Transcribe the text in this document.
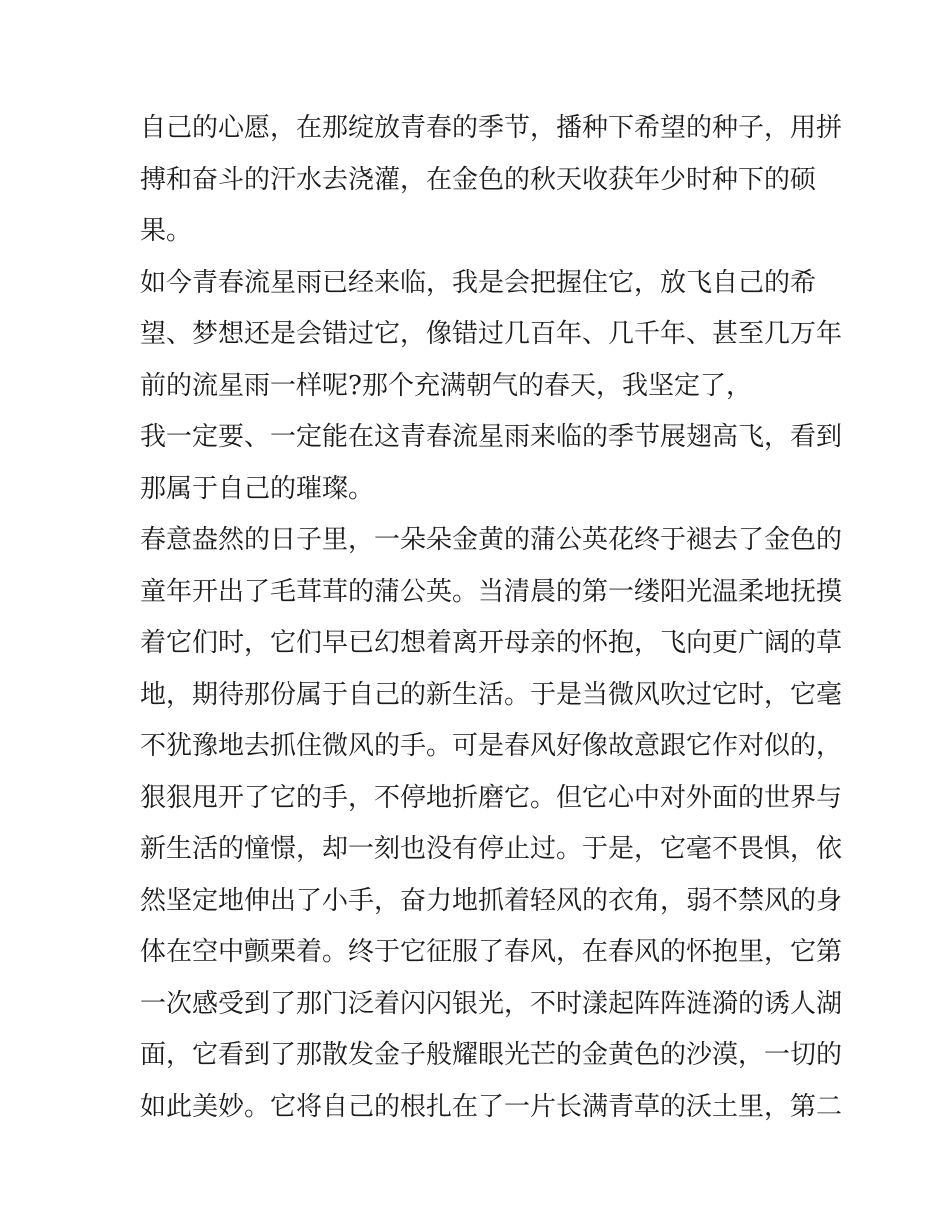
自己的心愿，在那绽放青春的季节，播种下希望的种子，用拼
搏和奋斗的汗水去浇灌，在金色的秋天收获年少时种下的硕
果。
如今青春流星雨已经来临，我是会把握住它，放飞自己的希
望、梦想还是会错过它，像错过几百年、几千年、甚至几万年
前的流星雨一样呢?那个充满朝气的春天，我坚定了，
我一定要、一定能在这青春流星雨来临的季节展翅高飞，看到
那属于自己的璀璨。
春意盎然的日子里，一朵朵金黄的蒲公英花终于褪去了金色的
童年开出了毛茸茸的蒲公英。当清晨的第一缕阳光温柔地抚摸
着它们时，它们早已幻想着离开母亲的怀抱，飞向更广阔的草
地，期待那份属于自己的新生活。于是当微风吹过它时，它毫
不犹豫地去抓住微风的手。可是春风好像故意跟它作对似的，
狠狠甩开了它的手，不停地折磨它。但它心中对外面的世界与
新生活的憧憬，却一刻也没有停止过。于是，它毫不畏惧，依
然坚定地伸出了小手，奋力地抓着轻风的衣角，弱不禁风的身
体在空中颤栗着。终于它征服了春风，在春风的怀抱里，它第
一次感受到了那门泛着闪闪银光，不时漾起阵阵涟漪的诱人湖
面，它看到了那散发金子般耀眼光芒的金黄色的沙漠，一切的
如此美妙。它将自己的根扎在了一片长满青草的沃土里，第二
